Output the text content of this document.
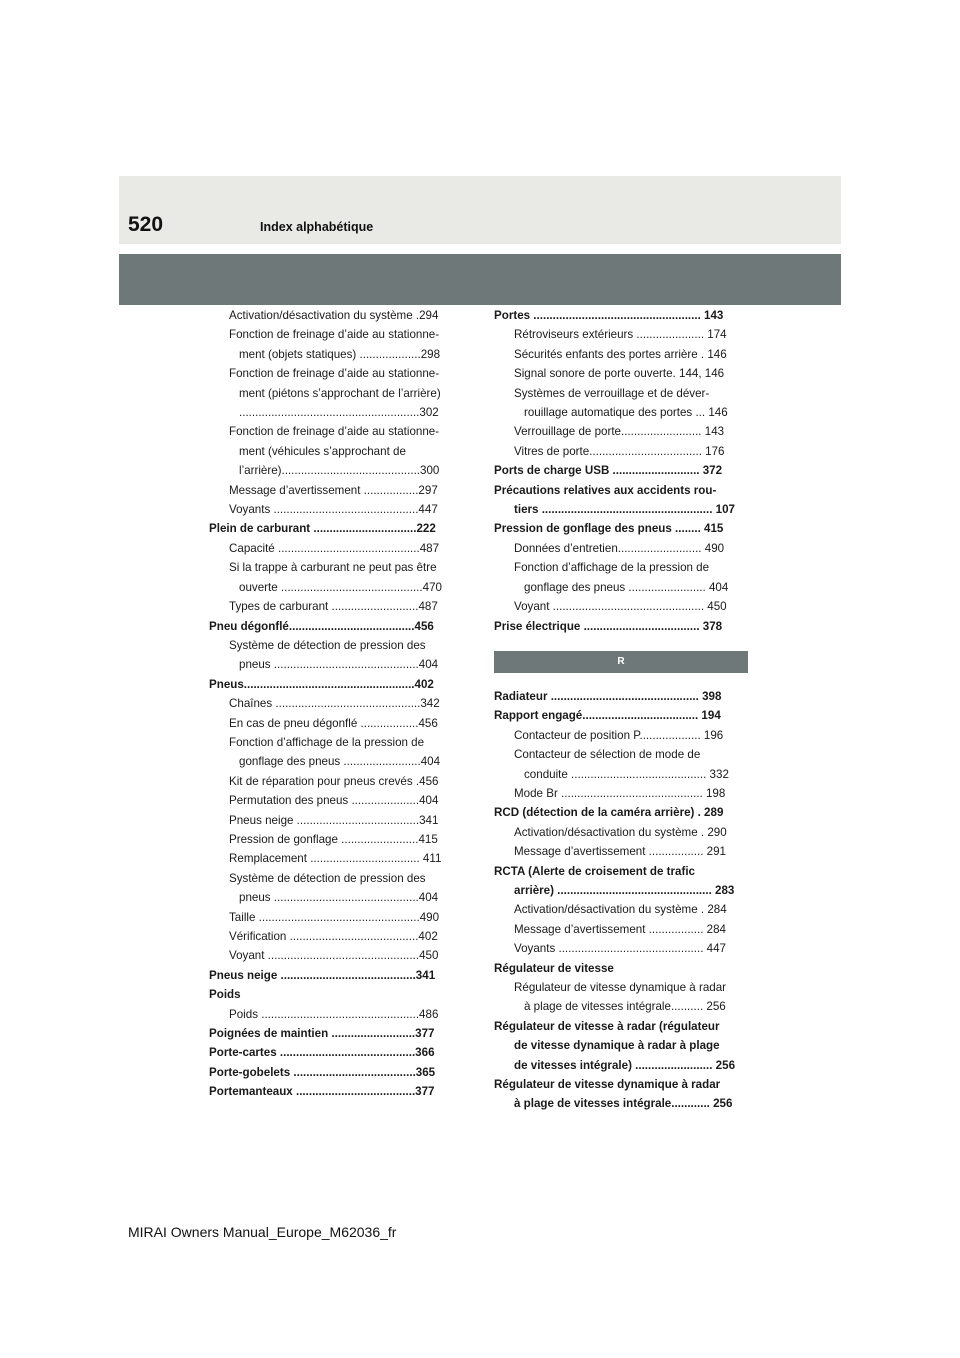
520	Index alphabétique
Activation/désactivation du système .294
Fonction de freinage d’aide au stationne-
ment (objets statiques) ...................298
Fonction de freinage d’aide au stationne-
ment (piétons s’approchant de l’arrière)
........................................................302
Fonction de freinage d’aide au stationne-
ment (véhicules s’approchant de
l’arrière)...........................................300
Message d’avertissement .................297
Voyants .............................................447
Plein de carburant ................................222
Capacité ............................................487
Si la trappe à carburant ne peut pas être
ouverte ............................................470
Types de carburant ...........................487
Pneu dégonflé.......................................456
Système de détection de pression des
pneus .............................................404
Pneus.....................................................402
Chaînes .............................................342
En cas de pneu dégonflé ..................456
Fonction d’affichage de la pression de
gonflage des pneus ........................404
Kit de réparation pour pneus crevés .456
Permutation des pneus .....................404
Pneus neige ......................................341
Pression de gonflage ........................415
Remplacement .................................. 411
Système de détection de pression des
pneus .............................................404
Taille ..................................................490
Vérification ........................................402
Voyant ...............................................450
Pneus neige ..........................................341
Poids
Poids .................................................486
Poignées de maintien ..........................377
Porte-cartes ..........................................366
Porte-gobelets ......................................365
Portemanteaux .....................................377
Portes .................................................... 143
Rétroviseurs extérieurs ..................... 174
Sécurités enfants des portes arrière . 146
Signal sonore de porte ouverte. 144, 146
Systèmes de verrouillage et de déver-
rouillage automatique des portes ... 146
Verrouillage de porte......................... 143
Vitres de porte................................... 176
Ports de charge USB ........................... 372
Précautions relatives aux accidents rou-
tiers ..................................................... 107
Pression de gonflage des pneus ........ 415
Données d’entretien.......................... 490
Fonction d’affichage de la pression de
gonflage des pneus ........................ 404
Voyant ............................................... 450
Prise électrique .................................... 378
R
Radiateur .............................................. 398
Rapport engagé.................................... 194
Contacteur de position P................... 196
Contacteur de sélection de mode de
conduite .......................................... 332
Mode Br ............................................ 198
RCD (détection de la caméra arrière) . 289
Activation/désactivation du système . 290
Message d’avertissement ................. 291
RCTA (Alerte de croisement de trafic
arrière) ................................................ 283
Activation/désactivation du système . 284
Message d’avertissement ................. 284
Voyants ............................................. 447
Régulateur de vitesse
Régulateur de vitesse dynamique à radar
à plage de vitesses intégrale.......... 256
Régulateur de vitesse à radar (régulateur
de vitesse dynamique à radar à plage
de vitesses intégrale) ........................ 256
Régulateur de vitesse dynamique à radar
à plage de vitesses intégrale............ 256
MIRAI Owners Manual_Europe_M62036_fr
